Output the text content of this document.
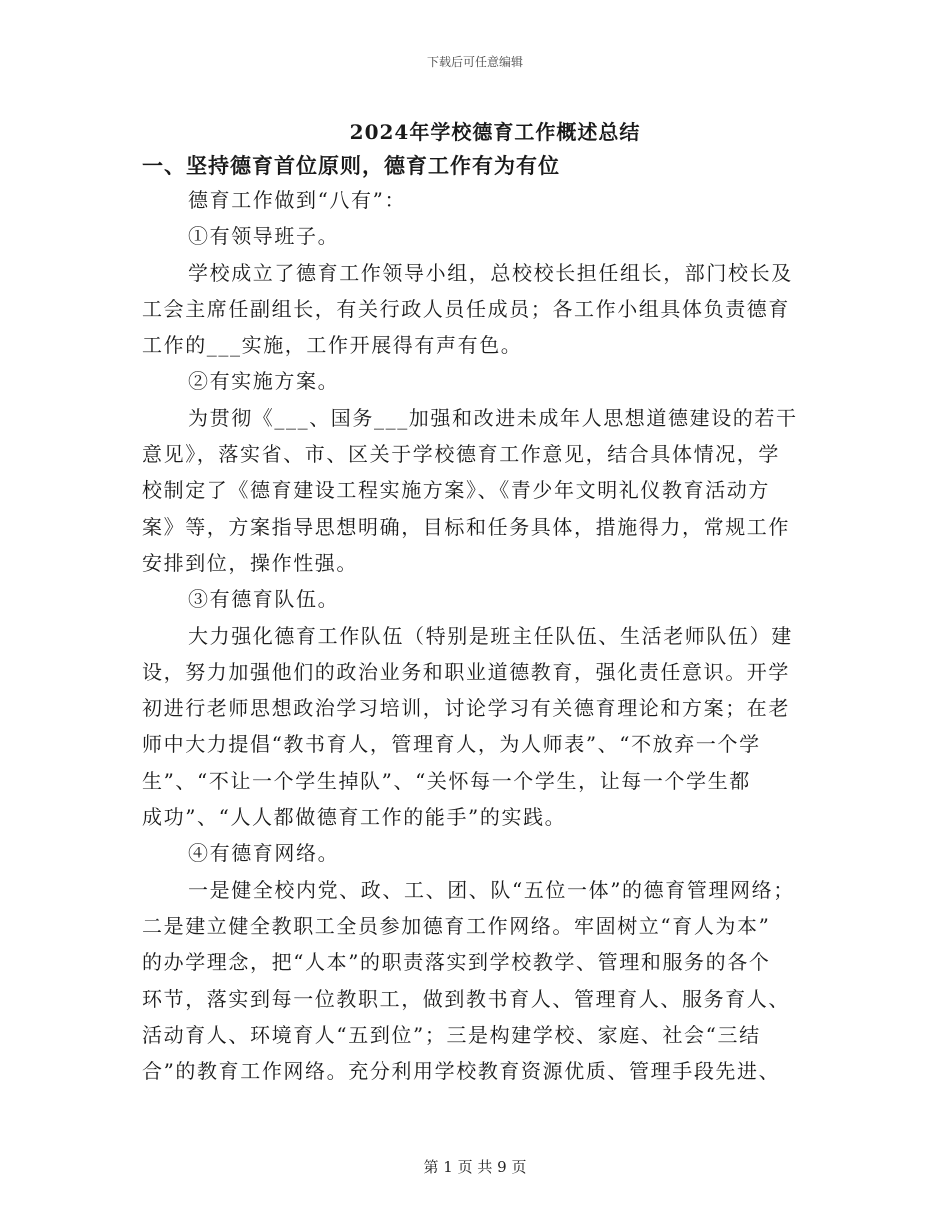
下载后可任意编辑
2024年学校德育工作概述总结
一、坚持德育首位原则，德育工作有为有位
德育工作做到“八有”：
①有领导班子。
学校成立了德育工作领导小组，总校校长担任组长，部门校长及
工会主席任副组长，有关行政人员任成员；各工作小组具体负责德育
工作的___实施，工作开展得有声有色。
②有实施方案。
为贯彻《___、国务___加强和改进未成年人思想道德建设的若干
意见》，落实省、市、区关于学校德育工作意见，结合具体情况，学
校制定了《德育建设工程实施方案》、《青少年文明礼仪教育活动方
案》等，方案指导思想明确，目标和任务具体，措施得力，常规工作
安排到位，操作性强。
③有德育队伍。
大力强化德育工作队伍（特别是班主任队伍、生活老师队伍）建
设，努力加强他们的政治业务和职业道德教育，强化责任意识。开学
初进行老师思想政治学习培训，讨论学习有关德育理论和方案；在老
师中大力提倡“教书育人，管理育人，为人师表”、“不放弃一个学
生”、“不让一个学生掉队”、“关怀每一个学生，让每一个学生都
成功”、“人人都做德育工作的能手”的实践。
④有德育网络。
一是健全校内党、政、工、团、队“五位一体”的德育管理网络；
二是建立健全教职工全员参加德育工作网络。牢固树立“育人为本”
的办学理念，把“人本”的职责落实到学校教学、管理和服务的各个
环节，落实到每一位教职工，做到教书育人、管理育人、服务育人、
活动育人、环境育人“五到位”；三是构建学校、家庭、社会“三结
合”的教育工作网络。充分利用学校教育资源优质、管理手段先进、
第 1 页 共 9 页
